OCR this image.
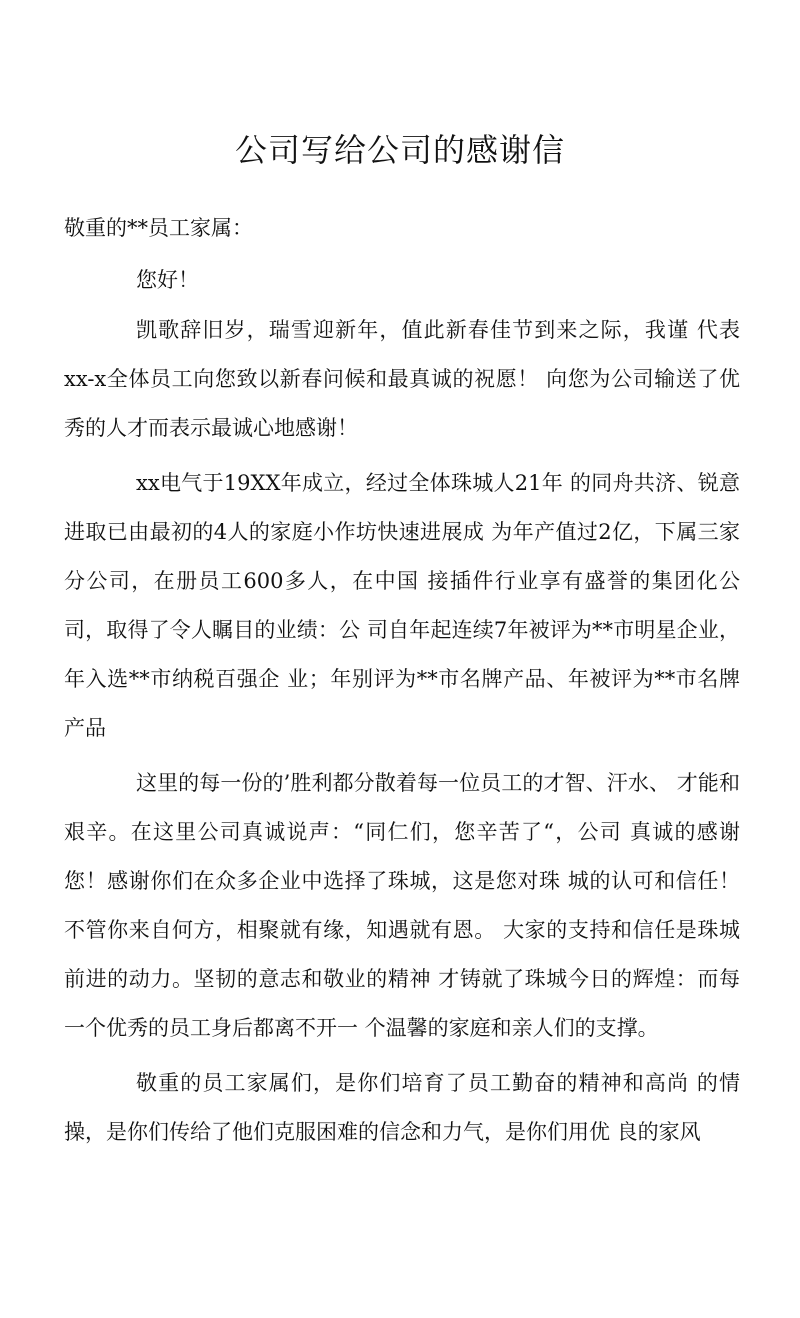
公司写给公司的感谢信

敬重的**员工家属：

您好！

凯歌辞旧岁，瑞雪迎新年，值此新春佳节到来之际，我谨 代表xx-x全体员工向您致以新春问候和最真诚的祝愿！ 向您为公司输送了优秀的人才而表示最诚心地感谢！

xx电气于19XX年成立，经过全体珠城人21年 的同舟共济、锐意进取已由最初的4人的家庭小作坊快速进展成 为年产值过2亿，下属三家分公司，在册员工600多人，在中国 接插件行业享有盛誉的集团化公司，取得了令人瞩目的业绩：公 司自年起连续7年被评为**市明星企业，年入选**市纳税百强企 业；年别评为**市名牌产品、年被评为**市名牌产品

这里的每一份的’胜利都分散着每一位员工的才智、汗水、 才能和艰辛。在这里公司真诚说声：“同仁们，您辛苦了“，公司 真诚的感谢您！感谢你们在众多企业中选择了珠城，这是您对珠 城的认可和信任！不管你来自何方，相聚就有缘，知遇就有恩。 大家的支持和信任是珠城前进的动力。坚韧的意志和敬业的精神 才铸就了珠城今日的辉煌：而每一个优秀的员工身后都离不开一 个温馨的家庭和亲人们的支撑。

敬重的员工家属们，是你们培育了员工勤奋的精神和高尚 的情操，是你们传给了他们克服困难的信念和力气，是你们用优 良的家风
